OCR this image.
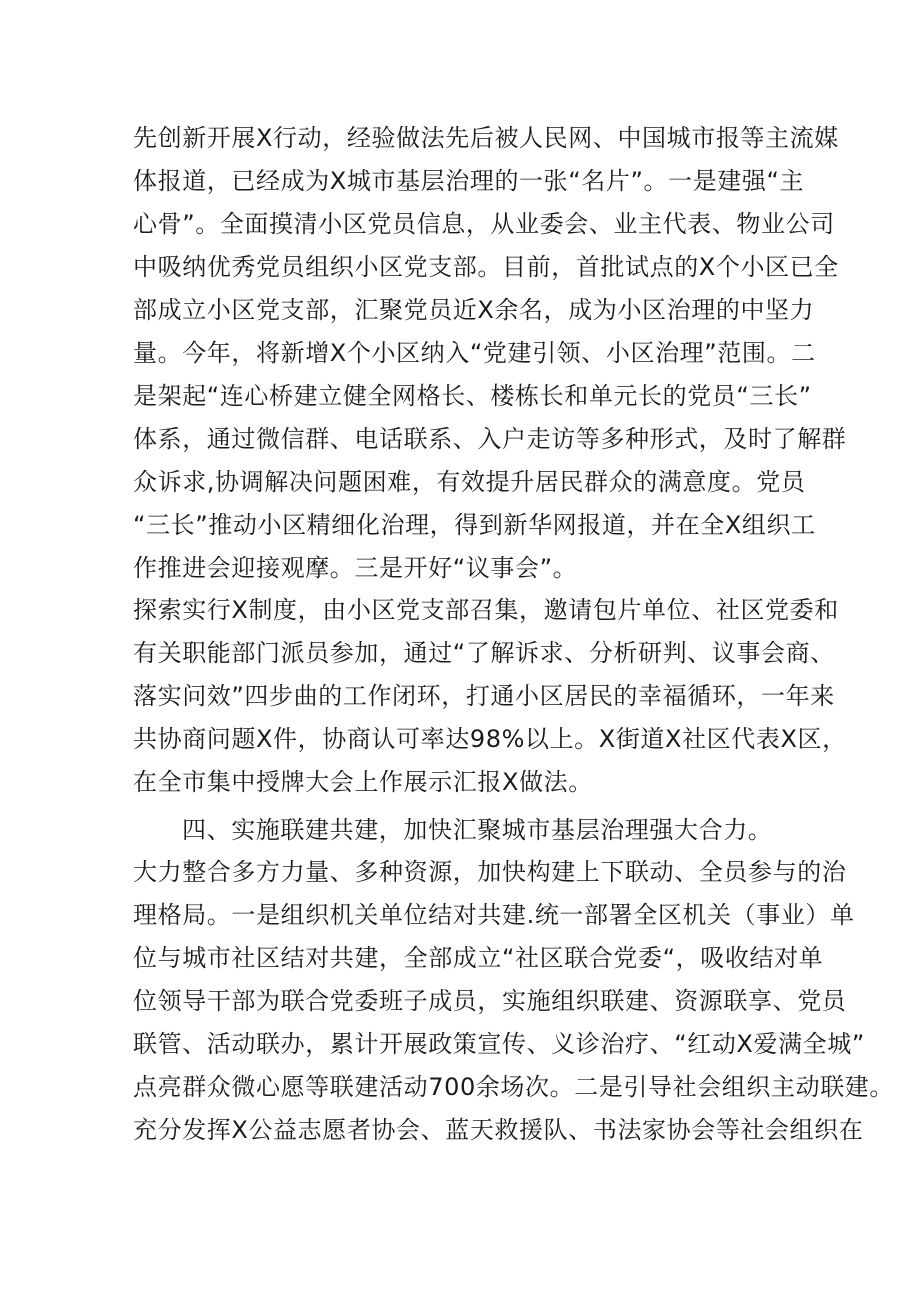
先创新开展X行动，经验做法先后被人民网、中国城市报等主流媒
体报道，已经成为X城市基层治理的一张“名片”。一是建强“主
心骨”。全面摸清小区党员信息，从业委会、业主代表、物业公司
中吸纳优秀党员组织小区党支部。目前，首批试点的X个小区已全
部成立小区党支部，汇聚党员近X余名，成为小区治理的中坚力
量。今年，将新增X个小区纳入“党建引领、小区治理”范围。二
是架起“连心桥建立健全网格长、楼栋长和单元长的党员“三长”
体系，通过微信群、电话联系、入户走访等多种形式，及时了解群
众诉求,协调解决问题困难，有效提升居民群众的满意度。党员
“三长”推动小区精细化治理，得到新华网报道，并在全X组织工
作推进会迎接观摩。三是开好“议事会”。
探索实行X制度，由小区党支部召集，邀请包片单位、社区党委和
有关职能部门派员参加，通过“了解诉求、分析研判、议事会商、
落实问效”四步曲的工作闭环，打通小区居民的幸福循环，一年来
共协商问题X件，协商认可率达98%以上。X街道X社区代表X区，
在全市集中授牌大会上作展示汇报X做法。
四、实施联建共建，加快汇聚城市基层治理强大合力。
大力整合多方力量、多种资源，加快构建上下联动、全员参与的治
理格局。一是组织机关单位结对共建.统一部署全区机关（事业）单
位与城市社区结对共建，全部成立“社区联合党委“，吸收结对单
位领导干部为联合党委班子成员，实施组织联建、资源联享、党员
联管、活动联办，累计开展政策宣传、义诊治疗、“红动X爱满全城”
点亮群众微心愿等联建活动700余场次。二是引导社会组织主动联建。
充分发挥X公益志愿者协会、蓝天救援队、书法家协会等社会组织在
